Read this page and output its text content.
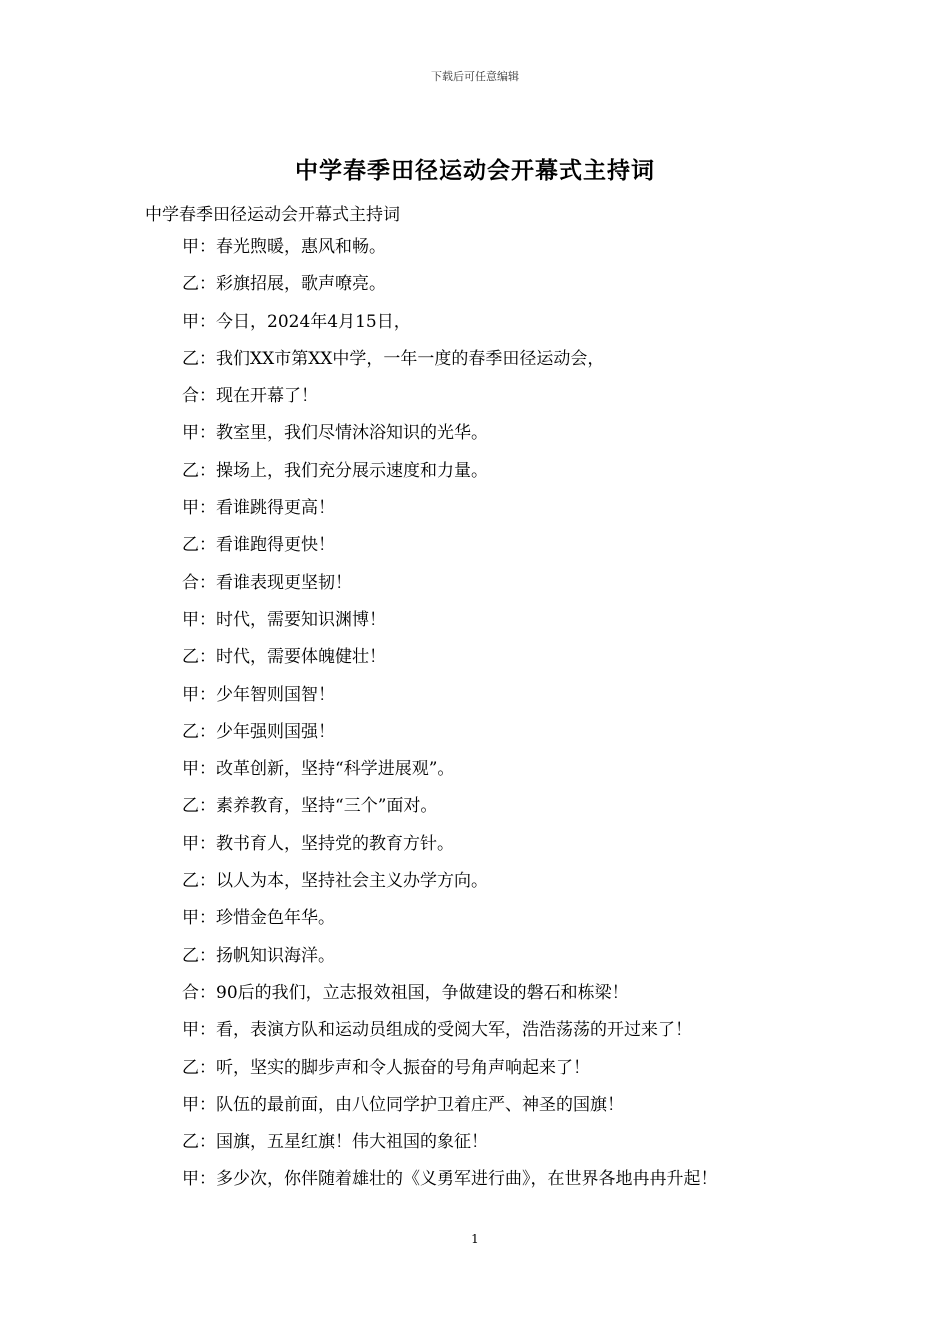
下载后可任意编辑
中学春季田径运动会开幕式主持词
中学春季田径运动会开幕式主持词
甲：春光煦暖，惠风和畅。
乙：彩旗招展，歌声嘹亮。
甲：今日，2024年4月15日，
乙：我们XX市第XX中学，一年一度的春季田径运动会，
合：现在开幕了！
甲：教室里，我们尽情沐浴知识的光华。
乙：操场上，我们充分展示速度和力量。
甲：看谁跳得更高！
乙：看谁跑得更快！
合：看谁表现更坚韧！
甲：时代，需要知识渊博！
乙：时代，需要体魄健壮！
甲：少年智则国智！
乙：少年强则国强！
甲：改革创新，坚持“科学进展观”。
乙：素养教育，坚持“三个”面对。
甲：教书育人，坚持党的教育方针。
乙：以人为本，坚持社会主义办学方向。
甲：珍惜金色年华。
乙：扬帆知识海洋。
合：90后的我们，立志报效祖国，争做建设的磐石和栋梁！
甲：看，表演方队和运动员组成的受阅大军，浩浩荡荡的开过来了！
乙：听，坚实的脚步声和令人振奋的号角声响起来了！
甲：队伍的最前面，由八位同学护卫着庄严、神圣的国旗！
乙：国旗，五星红旗！伟大祖国的象征！
甲：多少次，你伴随着雄壮的《义勇军进行曲》，在世界各地冉冉升起！
1
